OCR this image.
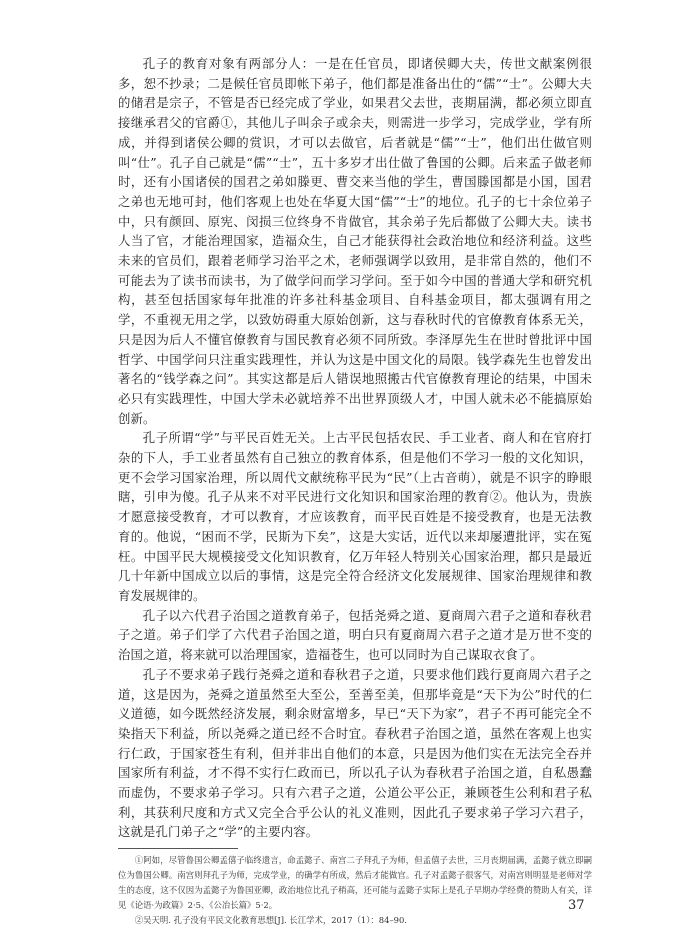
孔子的教育对象有两部分人：一是在任官员，即诸侯卿大夫，传世文献案例很多，恕不抄录；二是候任官员即帐下弟子，他们都是准备出仕的“儒”“士”。公卿大夫的储君是宗子，不管是否已经完成了学业，如果君父去世，丧期届满，都必须立即直接继承君父的官爵①，其他儿子叫余子或余夫，则需进一步学习，完成学业，学有所成，并得到诸侯公卿的赏识，才可以去做官，后者就是“儒”“士”，他们出仕做官则叫“仕”。孔子自己就是“儒”“士”，五十多岁才出仕做了鲁国的公卿。后来孟子做老师时，还有小国诸侯的国君之弟如滕更、曹交来当他的学生，曹国滕国都是小国，国君之弟也无地可封，他们客观上也处在华夏大国“儒”“士”的地位。孔子的七十余位弟子中，只有颜回、原宪、闵损三位终身不肯做官，其余弟子先后都做了公卿大夫。读书人当了官，才能治理国家，造福众生，自己才能获得社会政治地位和经济利益。这些未来的官员们，跟着老师学习治平之术，老师强调学以致用，是非常自然的，他们不可能去为了读书而读书，为了做学问而学习学问。至于如今中国的普通大学和研究机构，甚至包括国家每年批准的许多社科基金项目、自科基金项目，都太强调有用之学，不重视无用之学，以致妨碍重大原始创新，这与春秋时代的官僚教育体系无关，只是因为后人不懂官僚教育与国民教育必须不同所致。李泽厚先生在世时曾批评中国哲学、中国学问只注重实践理性，并认为这是中国文化的局限。钱学森先生也曾发出著名的“钱学森之问”。其实这都是后人错误地照搬古代官僚教育理论的结果，中国未必只有实践理性，中国大学未必就培养不出世界顶级人才，中国人就未必不能搞原始创新。

孔子所谓“学”与平民百姓无关。上古平民包括农民、手工业者、商人和在官府打杂的下人，手工业者虽然有自己独立的教育体系，但是他们不学习一般的文化知识，更不会学习国家治理，所以周代文献统称平民为“民”（上古音萌），就是不识字的睁眼瞎，引申为傻。孔子从来不对平民进行文化知识和国家治理的教育②。他认为，贵族才愿意接受教育，才可以教育，才应该教育，而平民百姓是不接受教育，也是无法教育的。他说，“困而不学，民斯为下矣”，这是大实话，近代以来却屡遭批评，实在冤枉。中国平民大规模接受文化知识教育，亿万年轻人特别关心国家治理，都只是最近几十年新中国成立以后的事情，这是完全符合经济文化发展规律、国家治理规律和教育发展规律的。

孔子以六代君子治国之道教育弟子，包括尧舜之道、夏商周六君子之道和春秋君子之道。弟子们学了六代君子治国之道，明白只有夏商周六君子之道才是万世不变的治国之道，将来就可以治理国家，造福苍生，也可以同时为自己谋取衣食了。

孔子不要求弟子践行尧舜之道和春秋君子之道，只要求他们践行夏商周六君子之道，这是因为，尧舜之道虽然至大至公，至善至美，但那毕竟是“天下为公”时代的仁义道德，如今既然经济发展，剩余财富增多，早已“天下为家”，君子不再可能完全不染指天下利益，所以尧舜之道已经不合时宜。春秋君子治国之道，虽然在客观上也实行仁政，于国家苍生有利，但并非出自他们的本意，只是因为他们实在无法完全吞并国家所有利益，才不得不实行仁政而已，所以孔子认为春秋君子治国之道，自私愚蠢而虚伪，不要求弟子学习。只有六君子之道，公道公平公正，兼顾苍生公利和君子私利，其获利尺度和方式又完全合乎公认的礼义准则，因此孔子要求弟子学习六君子，这就是孔门弟子之“学”的主要内容。

①阿如，尽管鲁国公卿孟僖子临终遗言，命孟懿子、南宫二子拜孔子为师，但孟僖子去世，三月丧期届满，孟懿子就立即嗣位为鲁国公卿。南宫则拜孔子为师，完成学业，的确学有所成，然后才能做官。孔子对孟懿子很客气，对南宫则明显是老师对学生的态度，这不仅因为孟懿子为鲁国亚卿，政治地位比孔子稍高，还可能与孟懿子实际上是孔子早期办学经费的赞助人有关，详见《论语·为政篇》2·5、《公冶长篇》5·2。

②吴天明. 孔子没有平民文化教育思想[J]. 长江学术，2017（1）：84–90.

37
